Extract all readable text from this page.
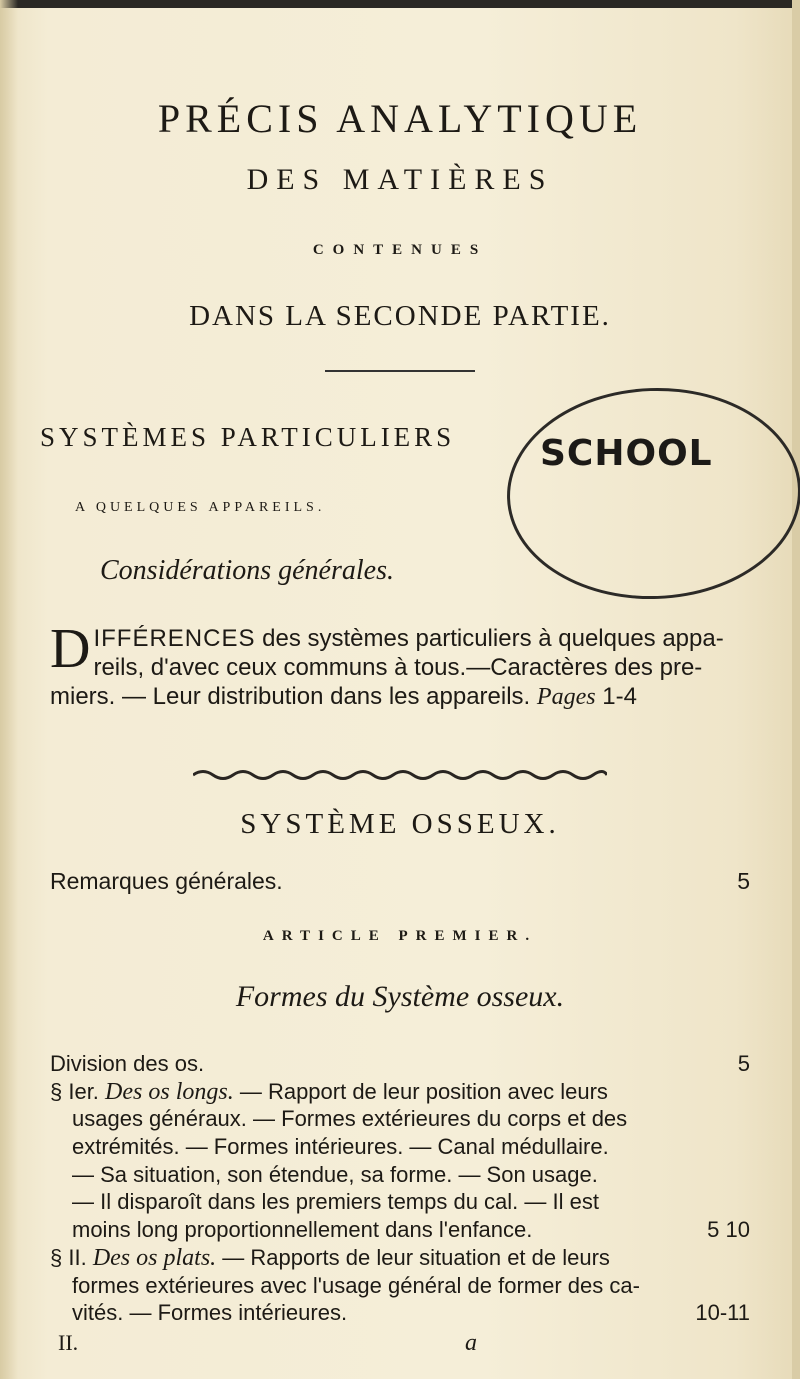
PRÉCIS ANALYTIQUE
DES MATIÈRES
CONTENUES
DANS LA SECONDE PARTIE.
SYSTÈMES PARTICULIERS
A QUELQUES APPAREILS.
Considérations générales.
SCHOOL
DIFFÉRENCES des systèmes particuliers à quelques appa-reils, d'avec ceux communs à tous.—Caractères des pre-miers. — Leur distribution dans les appareils. Pages 1-4
SYSTÈME OSSEUX.
Remarques générales.	5
ARTICLE PREMIER.
Formes du Système osseux.
Division des os.	5
§ Ier. Des os longs. — Rapport de leur position avec leurs
usages généraux. — Formes extérieures du corps et des
extrémités. — Formes intérieures. — Canal médullaire.
— Sa situation, son étendue, sa forme. — Son usage.
— Il disparoît dans les premiers temps du cal. — Il est
moins long proportionnellement dans l'enfance.	5 10
§ II. Des os plats. — Rapports de leur situation et de leurs
formes extérieures avec l'usage général de former des ca-
vités. — Formes intérieures.	10-11
II.	a
